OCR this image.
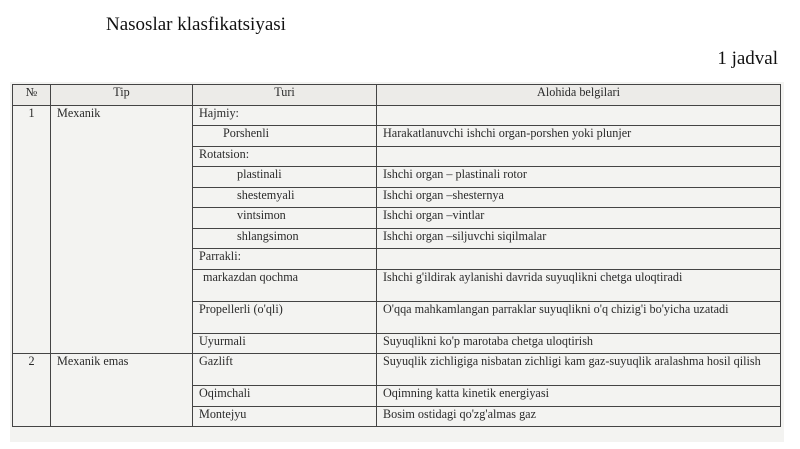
Nasoslar klasfikatsiyasi
1 jadval
№	Tip	Turi	Alohida belgilari
1	Mexanik	Hajmiy:	
		Porshenli	Harakatlanuvchi ishchi organ-porshen yoki plunjer
		Rotatsion:	
		plastinali	Ishchi organ – plastinali rotor
		shestemyali	Ishchi organ –shesternya
		vintsimon	Ishchi organ –vintlar
		shlangsimon	Ishchi organ –siljuvchi siqilmalar
		Parrakli:	
		markazdan qochma	Ishchi g'ildirak aylanishi davrida suyuqlikni chetga uloqtiradi
		Propellerli (o'qli)	O'qqa mahkamlangan parraklar suyuqlikni o'q chizig'i bo'yicha uzatadi
		Uyurmali	Suyuqlikni ko'p marotaba chetga uloqtirish
2	Mexanik emas	Gazlift	Suyuqlik zichligiga nisbatan zichligi kam gaz-suyuqlik aralashma hosil qilish
		Oqimchali	Oqimning katta kinetik energiyasi
		Montejyu	Bosim ostidagi qo'zg'almas gaz
